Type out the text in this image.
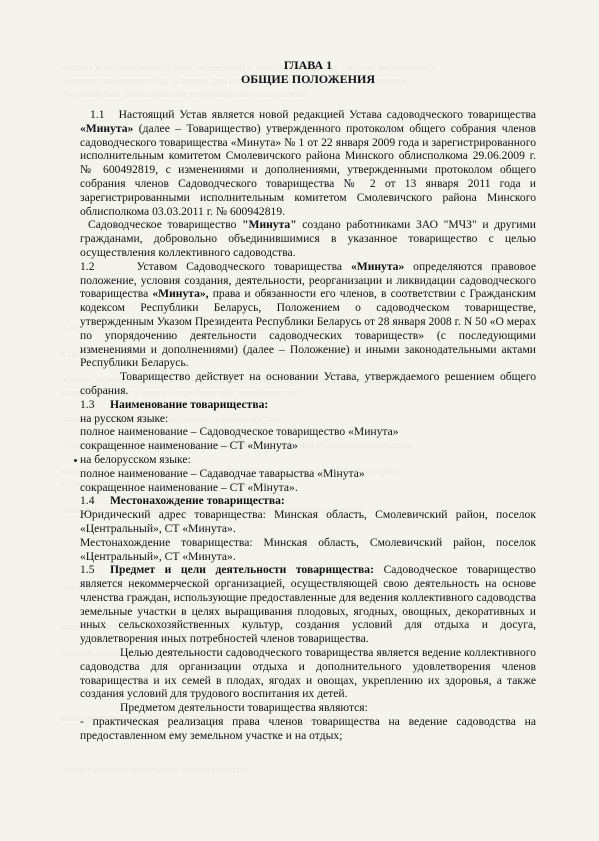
ГЛАВА 1
ОБЩИЕ ПОЛОЖЕНИЯ

1.1 Настоящий Устав является новой редакцией Устава садоводческого товарищества «Минута» (далее – Товарищество) утвержденного протоколом общего собрания членов садоводческого товарищества «Минута» № 1 от 22 января 2009 года и зарегистрированного исполнительным комитетом Смолевичского района Минского облисполкома 29.06.2009 г. № 600492819, с изменениями и дополнениями, утвержденными протоколом общего собрания членов Садоводческого товарищества № 2 от 13 января 2011 года и зарегистрированными исполнительным комитетом Смолевичского района Минского облисполкома 03.03.2011 г. № 600942819.

Садоводческое товарищество "Минута" создано работниками ЗАО "МЧЗ" и другими гражданами, добровольно объединившимися в указанное товарищество с целью осуществления коллективного садоводства.

1.2	Уставом Садоводческого товарищества «Минута» определяются правовое положение, условия создания, деятельности, реорганизации и ликвидации садоводческого товарищества «Минута», права и обязанности его членов, в соответствии с Гражданским кодексом Республики Беларусь, Положением о садоводческом товариществе, утвержденным Указом Президента Республики Беларусь от 28 января 2008 г. N 50 «О мерах по упорядочению деятельности садоводческих товариществ» (с последующими изменениями и дополнениями) (далее – Положение) и иными законодательными актами Республики Беларусь.

Товарищество действует на основании Устава, утверждаемого решением общего собрания.

1.3 Наименование товарищества:

на русском языке:

полное наименование – Садоводческое товарищество «Минута»

сокращенное наименование – СТ «Минута»

на белорусском языке:

полное наименование – Садаводчае таварыства «Мінута»

сокращенное наименование – СТ «Мінута».

1.4 Местонахождение товарищества:

Юридический адрес товарищества: Минская область, Смолевичский район, поселок «Центральный», СТ «Минута».

Местонахождение товарищества: Минская область, Смолевичский район, поселок «Центральный», СТ «Минута».

1.5 Предмет и цели деятельности товарищества: Садоводческое товарищество является некоммерческой организацией, осуществляющей свою деятельность на основе членства граждан, использующие предоставленные для ведения коллективного садоводства земельные участки в целях выращивания плодовых, ягодных, овощных, декоративных и иных сельскохозяйственных культур, создания условий для отдыха и досуга, удовлетворения иных потребностей членов товарищества.

Целью деятельности садоводческого товарищества является ведение коллективного садоводства для организации отдыха и дополнительного удовлетворения членов товарищества и их семей в плодах, ягодах и овощах, укреплению их здоровья, а также создания условий для трудового воспитания их детей.

Предметом деятельности товарищества являются:

- практическая реализация права членов товарищества на ведение садоводства на предоставленном ему земельном участке и на отдых;
